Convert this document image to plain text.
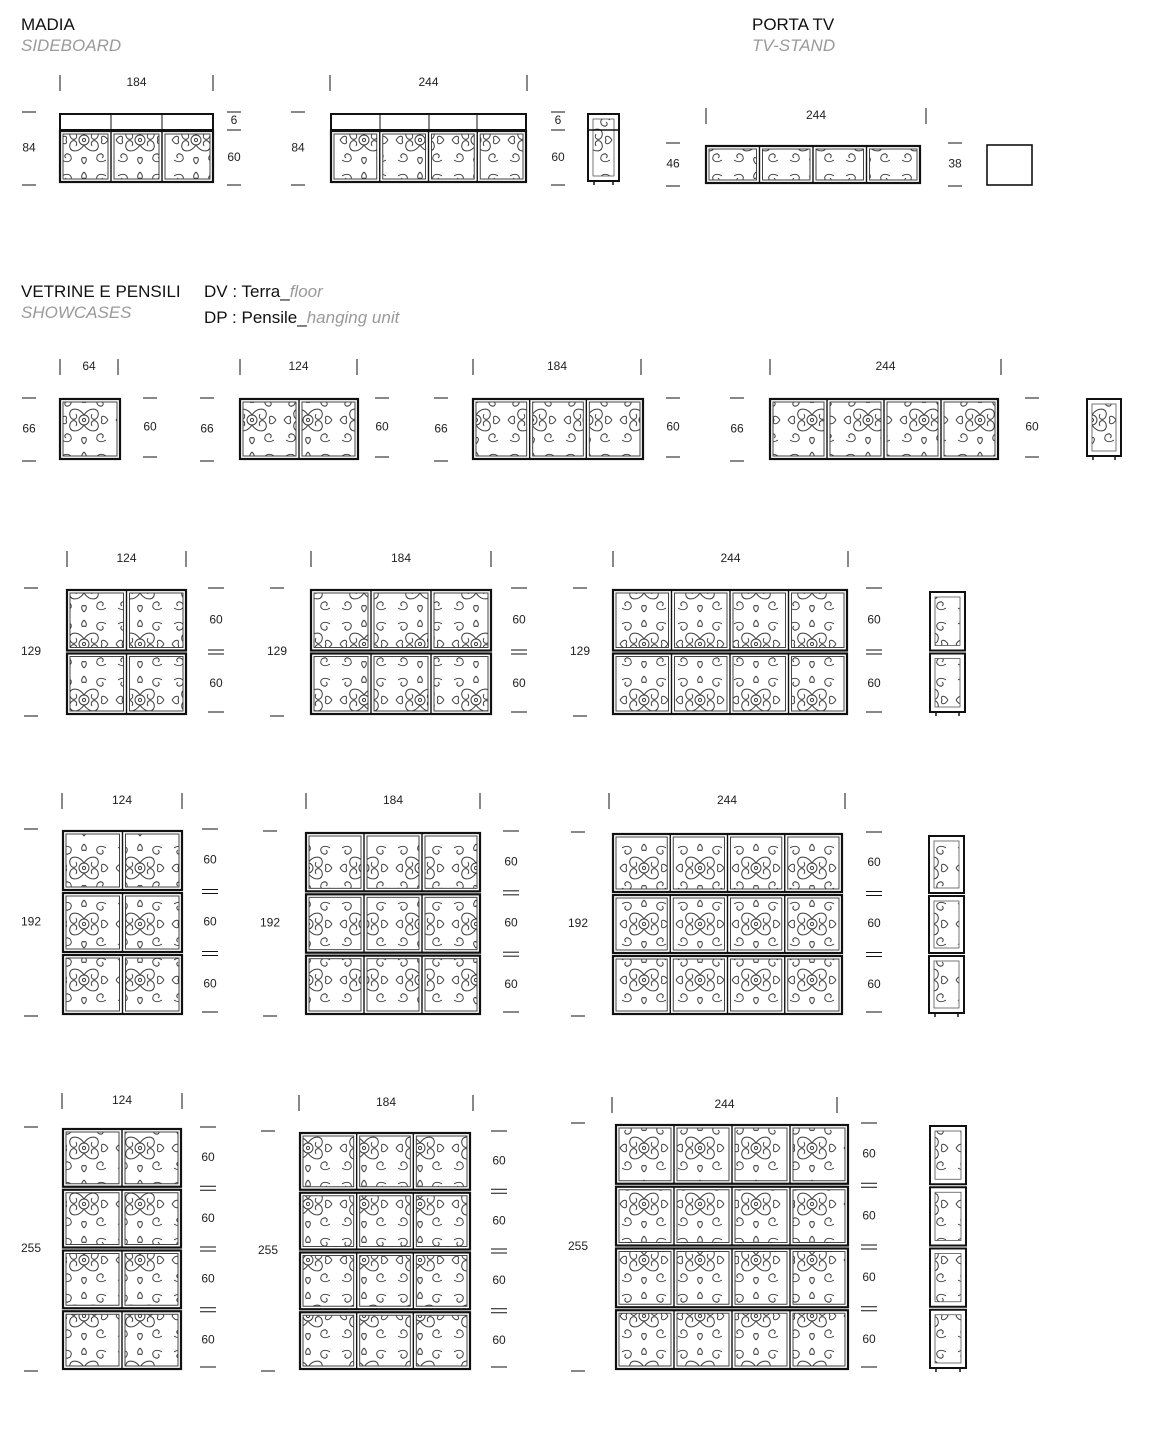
MADIA
SIDEBOARD
PORTA TV
TV-STAND
VETRINE E PENSILI
SHOWCASES
DV : Terra_floor
DP : Pensile_hanging unit
184
84
6
60
244
84
6
60
244
46	38
64
66	60
124
66	60
184
66	60
244
66	60
124
129
60
60
184
129
60
60
244
129
60
60
124
192
60
60
60
184
192
60
60
60
244
192
60
60
60
124
255
60
60
60
60
184
255
60
60
60
60
244
255
60
60
60
60
